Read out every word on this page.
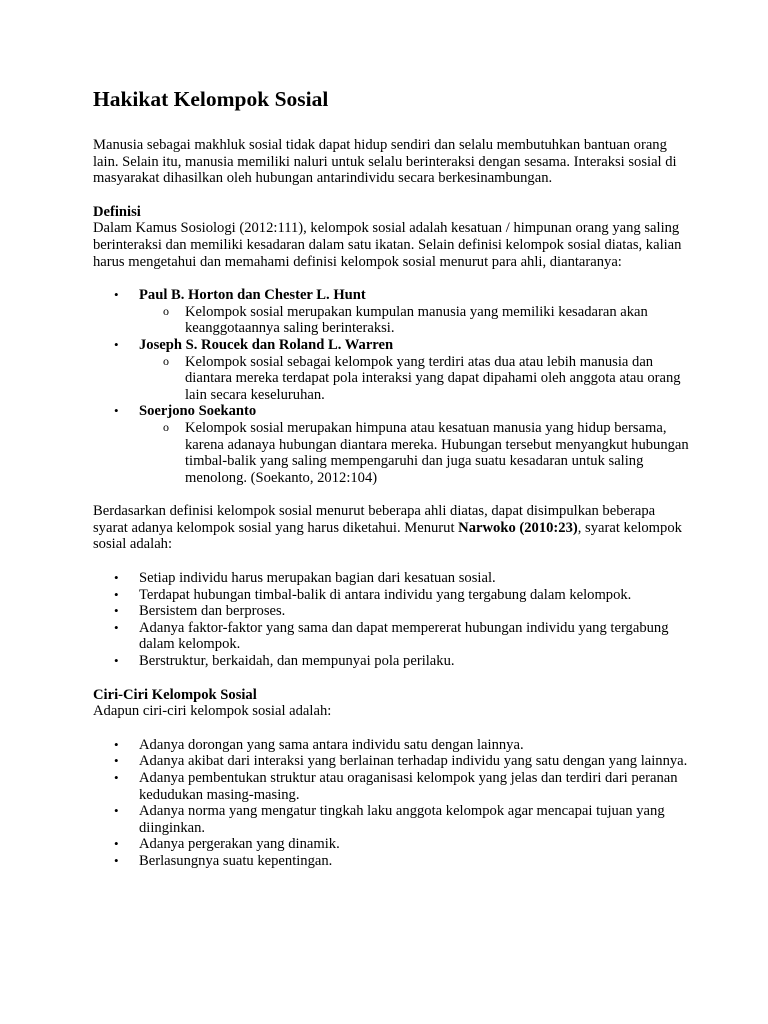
Hakikat Kelompok Sosial

Manusia sebagai makhluk sosial tidak dapat hidup sendiri dan selalu membutuhkan bantuan orang lain. Selain itu, manusia memiliki naluri untuk selalu berinteraksi dengan sesama. Interaksi sosial di masyarakat dihasilkan oleh hubungan antarindividu secara berkesinambungan.

Definisi

Dalam Kamus Sosiologi (2012:111), kelompok sosial adalah kesatuan / himpunan orang yang saling berinteraksi dan memiliki kesadaran dalam satu ikatan. Selain definisi kelompok sosial diatas, kalian harus mengetahui dan memahami definisi kelompok sosial menurut para ahli, diantaranya:

• Paul B. Horton dan Chester L. Hunt
o Kelompok sosial merupakan kumpulan manusia yang memiliki kesadaran akan keanggotaannya saling berinteraksi.
• Joseph S. Roucek dan Roland L. Warren
o Kelompok sosial sebagai kelompok yang terdiri atas dua atau lebih manusia dan diantara mereka terdapat pola interaksi yang dapat dipahami oleh anggota atau orang lain secara keseluruhan.
• Soerjono Soekanto
o Kelompok sosial merupakan himpuna atau kesatuan manusia yang hidup bersama, karena adanaya hubungan diantara mereka. Hubungan tersebut menyangkut hubungan timbal-balik yang saling mempengaruhi dan juga suatu kesadaran untuk saling menolong. (Soekanto, 2012:104)

Berdasarkan definisi kelompok sosial menurut beberapa ahli diatas, dapat disimpulkan beberapa syarat adanya kelompok sosial yang harus diketahui. Menurut Narwoko (2010:23), syarat kelompok sosial adalah:

• Setiap individu harus merupakan bagian dari kesatuan sosial.
• Terdapat hubungan timbal-balik di antara individu yang tergabung dalam kelompok.
• Bersistem dan berproses.
• Adanya faktor-faktor yang sama dan dapat mempererat hubungan individu yang tergabung dalam kelompok.
• Berstruktur, berkaidah, dan mempunyai pola perilaku.

Ciri-Ciri Kelompok Sosial

Adapun ciri-ciri kelompok sosial adalah:

• Adanya dorongan yang sama antara individu satu dengan lainnya.
• Adanya akibat dari interaksi yang berlainan terhadap individu yang satu dengan yang lainnya.
• Adanya pembentukan struktur atau oraganisasi kelompok yang jelas dan terdiri dari peranan kedudukan masing-masing.
• Adanya norma yang mengatur tingkah laku anggota kelompok agar mencapai tujuan yang diinginkan.
• Adanya pergerakan yang dinamik.
• Berlasungnya suatu kepentingan.
